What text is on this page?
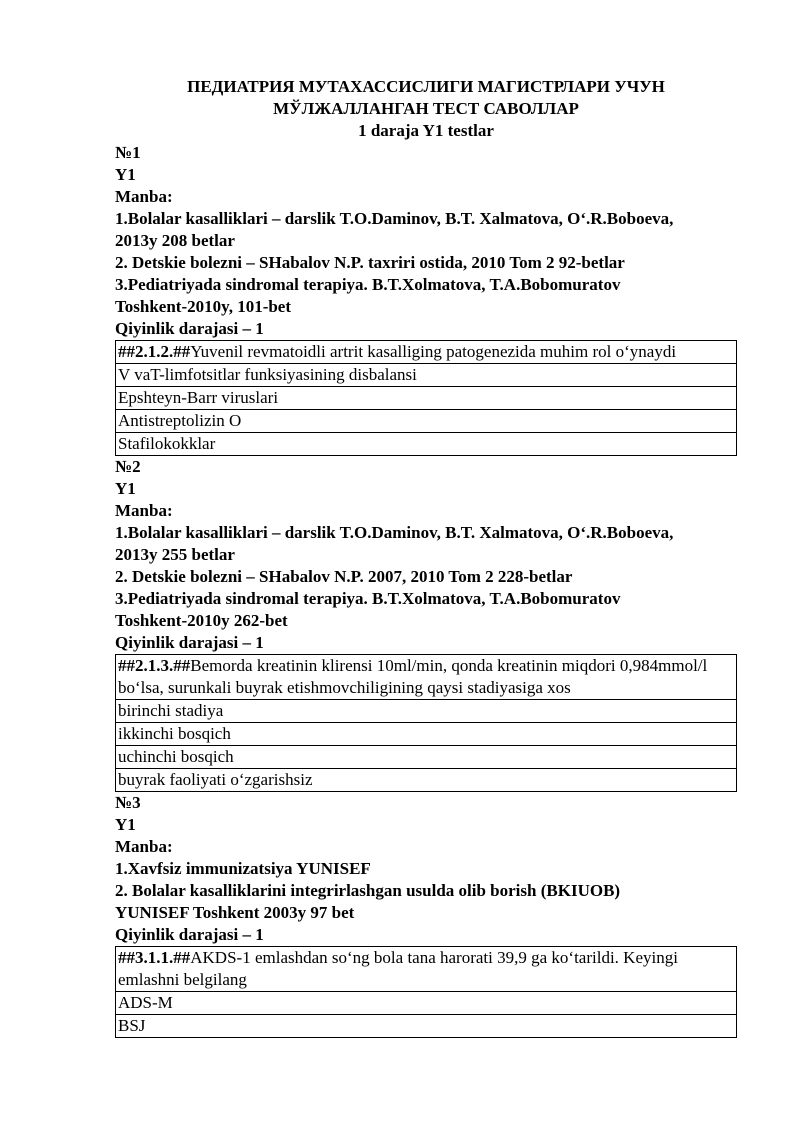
ПЕДИАТРИЯ МУТАХАССИСЛИГИ МАГИСТРЛАРИ УЧУН
МЎЛЖАЛЛАНГАН ТЕСТ САВОЛЛАР
1 daraja Y1 testlar
№1
Y1
Manba:
1.Bolalar kasalliklari – darslik T.O.Daminov, B.T. Xalmatova, O‘.R.Boboeva,
2013y 208 betlar
2. Detskie bolezni – SHabalov N.P. taxriri ostida, 2010 Tom 2 92-betlar
3.Pediatriyada sindromal terapiya. B.T.Xolmatova, T.A.Bobomuratov
Toshkent-2010y, 101-bet
Qiyinlik darajasi – 1
##2.1.2.##Yuvenil revmatoidli artrit kasalliging patogenezida muhim rol o‘ynaydi
V vaT-limfotsitlar funksiyasining disbalansi
Epshteyn-Barr viruslari
Antistreptolizin O
Stafilokokklar
№2
Y1
Manba:
1.Bolalar kasalliklari – darslik T.O.Daminov, B.T. Xalmatova, O‘.R.Boboeva,
2013y 255 betlar
2. Detskie bolezni – SHabalov N.P. 2007, 2010 Tom 2 228-betlar
3.Pediatriyada sindromal terapiya. B.T.Xolmatova, T.A.Bobomuratov
Toshkent-2010y 262-bet
Qiyinlik darajasi – 1
##2.1.3.##Bemorda kreatinin klirensi 10ml/min, qonda kreatinin miqdori 0,984mmol/l bo‘lsa, surunkali buyrak etishmovchiligining qaysi stadiyasiga xos
birinchi stadiya
ikkinchi bosqich
uchinchi bosqich
buyrak faoliyati o‘zgarishsiz
№3
Y1
Manba:
1.Xavfsiz immunizatsiya YUNISEF
2. Bolalar kasalliklarini integrirlashgan usulda olib borish (BKIUOB)
YUNISEF Toshkent 2003y 97 bet
Qiyinlik darajasi – 1
##3.1.1.##AKDS-1 emlashdan so‘ng bola tana harorati 39,9 ga ko‘tarildi. Keyingi emlashni belgilang
ADS-M
BSJ
